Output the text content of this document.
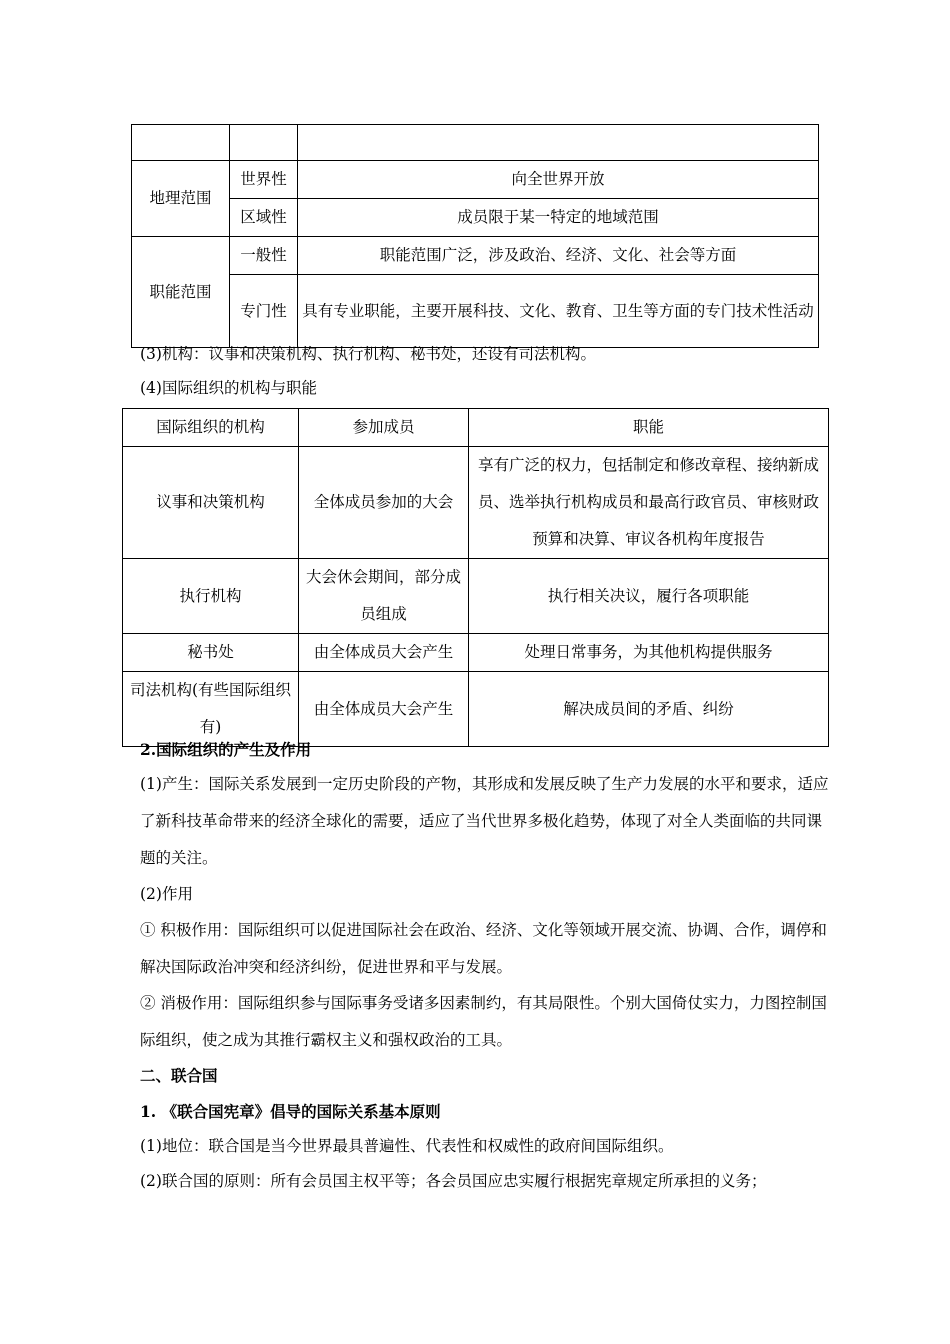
地理范围	世界性	向全世界开放
	区域性	成员限于某一特定的地域范围
职能范围	一般性	职能范围广泛，涉及政治、经济、文化、社会等方面
	专门性	具有专业职能，主要开展科技、文化、教育、卫生等方面的专门技术性活动
(3)机构：议事和决策机构、执行机构、秘书处，还设有司法机构。
(4)国际组织的机构与职能
国际组织的机构	参加成员	职能
议事和决策机构	全体成员参加的大会	享有广泛的权力，包括制定和修改章程、接纳新成员、选举执行机构成员和最高行政官员、审核财政预算和决算、审议各机构年度报告
执行机构	大会休会期间，部分成员组成	执行相关决议，履行各项职能
秘书处	由全体成员大会产生	处理日常事务，为其他机构提供服务
司法机构(有些国际组织有)	由全体成员大会产生	解决成员间的矛盾、纠纷
2.国际组织的产生及作用
(1)产生：国际关系发展到一定历史阶段的产物，其形成和发展反映了生产力发展的水平和要求，适应了新科技革命带来的经济全球化的需要，适应了当代世界多极化趋势，体现了对全人类面临的共同课题的关注。
(2)作用
① 积极作用：国际组织可以促进国际社会在政治、经济、文化等领域开展交流、协调、合作，调停和解决国际政治冲突和经济纠纷，促进世界和平与发展。
② 消极作用：国际组织参与国际事务受诸多因素制约，有其局限性。个别大国倚仗实力，力图控制国际组织，使之成为其推行霸权主义和强权政治的工具。
二、联合国
1. 《联合国宪章》倡导的国际关系基本原则
(1)地位：联合国是当今世界最具普遍性、代表性和权威性的政府间国际组织。
(2)联合国的原则：所有会员国主权平等；各会员国应忠实履行根据宪章规定所承担的义务；
